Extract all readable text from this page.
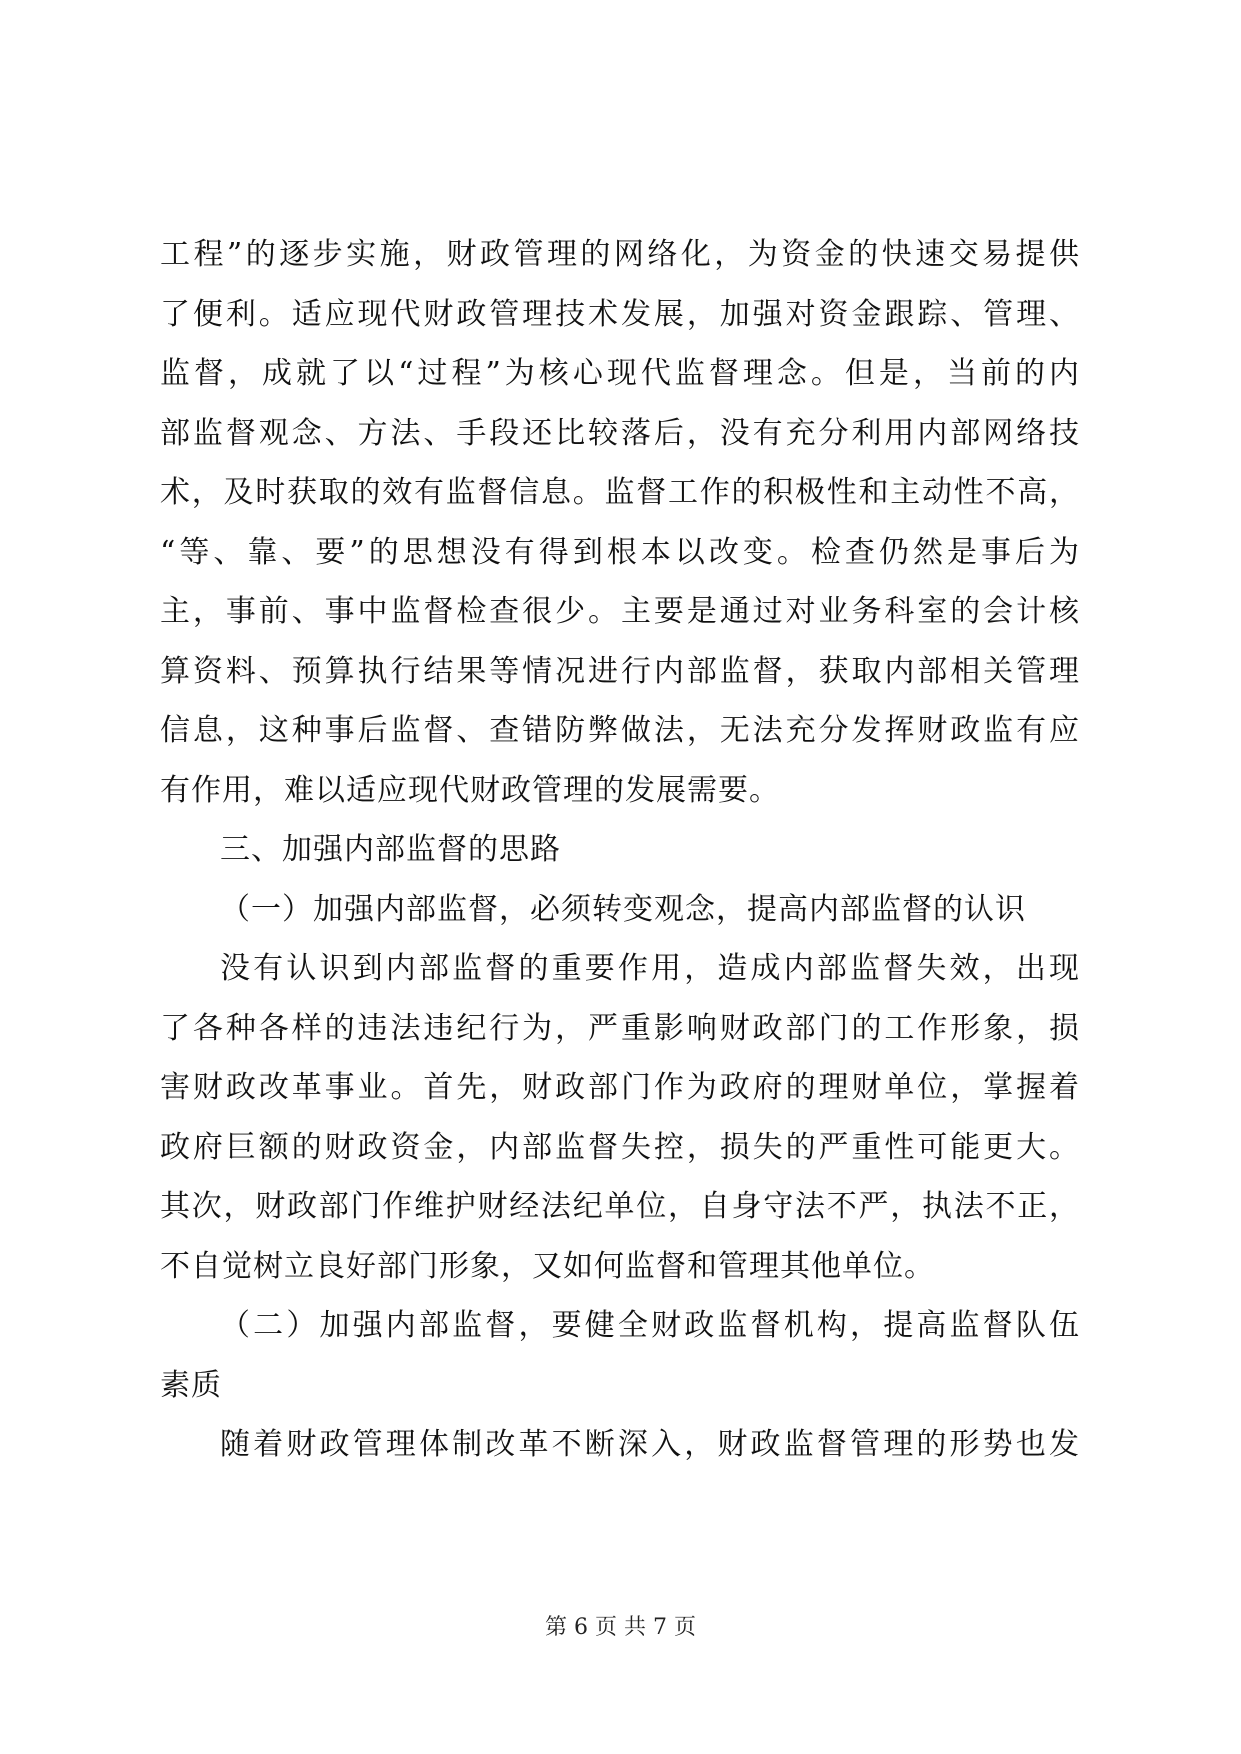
工程”的逐步实施，财政管理的网络化，为资金的快速交易提供
了便利。适应现代财政管理技术发展，加强对资金跟踪、管理、
监督，成就了以“过程”为核心现代监督理念。但是，当前的内
部监督观念、方法、手段还比较落后，没有充分利用内部网络技
术，及时获取的效有监督信息。监督工作的积极性和主动性不高，
“等、靠、要”的思想没有得到根本以改变。检查仍然是事后为
主，事前、事中监督检查很少。主要是通过对业务科室的会计核
算资料、预算执行结果等情况进行内部监督，获取内部相关管理
信息，这种事后监督、查错防弊做法，无法充分发挥财政监有应
有作用，难以适应现代财政管理的发展需要。
三、加强内部监督的思路
（一）加强内部监督，必须转变观念，提高内部监督的认识
没有认识到内部监督的重要作用，造成内部监督失效，出现
了各种各样的违法违纪行为，严重影响财政部门的工作形象，损
害财政改革事业。首先，财政部门作为政府的理财单位，掌握着
政府巨额的财政资金，内部监督失控，损失的严重性可能更大。
其次，财政部门作维护财经法纪单位，自身守法不严，执法不正，
不自觉树立良好部门形象，又如何监督和管理其他单位。
（二）加强内部监督，要健全财政监督机构，提高监督队伍
素质
随着财政管理体制改革不断深入，财政监督管理的形势也发
第 6 页 共 7 页
